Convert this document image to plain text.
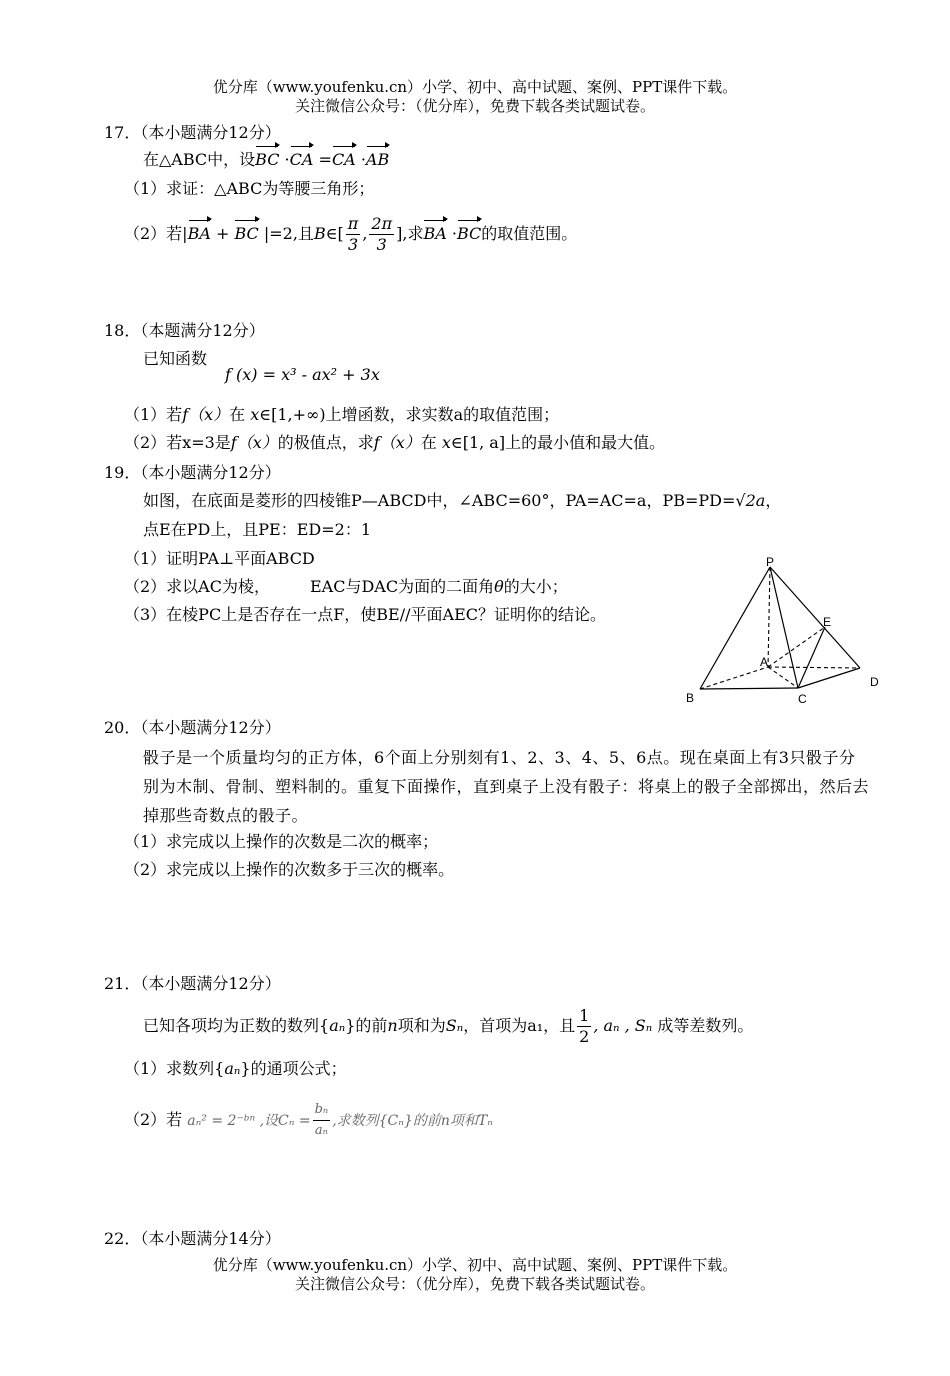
优分库（www.youfenku.cn）小学、初中、高中试题、案例、PPT课件下载。
关注微信公众号：（优分库），免费下载各类试题试卷。
17．（本小题满分12分）
在△ABC中，设BC ·CA =CA ·AB
（1）求证：△ABC为等腰三角形；
（2）若|BA + BC |=2,且B∈[ $\frac{\pi}{3}$ , $\frac{2\pi}{3}$ ],求BA ·BC的取值范围。
18．（本题满分12分）
已知函数
f (x) = x³ - ax² + 3x
（1）若f（x）在 x∈[1,+∞)上增函数，求实数a的取值范围；
（2）若x=3是f（x）的极值点，求f（x）在 x∈[1, a]上的最小值和最大值。
19．（本小题满分12分）
如图，在底面是菱形的四棱锥P—ABCD中，∠ABC=60°，PA=AC=a，PB=PD=√2a，
点E在PD上，且PE：ED=2：1
（1）证明PA⊥平面ABCD
（2）求以AC为棱，	EAC与DAC为面的二面角θ的大小；
（3）在棱PC上是否存在一点F，使BE//平面AEC？证明你的结论。
P
E
A
B	C
D
20．（本小题满分12分）
骰子是一个质量均匀的正方体，6个面上分别刻有1、2、3、4、5、6点。现在桌面上有3只骰子分别为木制、骨制、塑料制的。重复下面操作，直到桌子上没有骰子：将桌上的骰子全部掷出，然后去掉那些奇数点的骰子。
（1）求完成以上操作的次数是二次的概率；
（2）求完成以上操作的次数多于三次的概率。
21．（本小题满分12分）
已知各项均为正数的数列{aₙ}的前n项和为Sₙ，首项为a₁，且 $\frac{1}{2}$ , aₙ , Sₙ 成等差数列。
（1）求数列{aₙ}的通项公式；
（2）若 aₙ² = 2⁻ᵇⁿ ,设$C_n = \frac{\text{bₙ}}{\text{aₙ}}$ ,求数列{Cₙ}的前n项和Tₙ
22．（本小题满分14分）
优分库（www.youfenku.cn）小学、初中、高中试题、案例、PPT课件下载。
关注微信公众号：（优分库），免费下载各类试题试卷。
